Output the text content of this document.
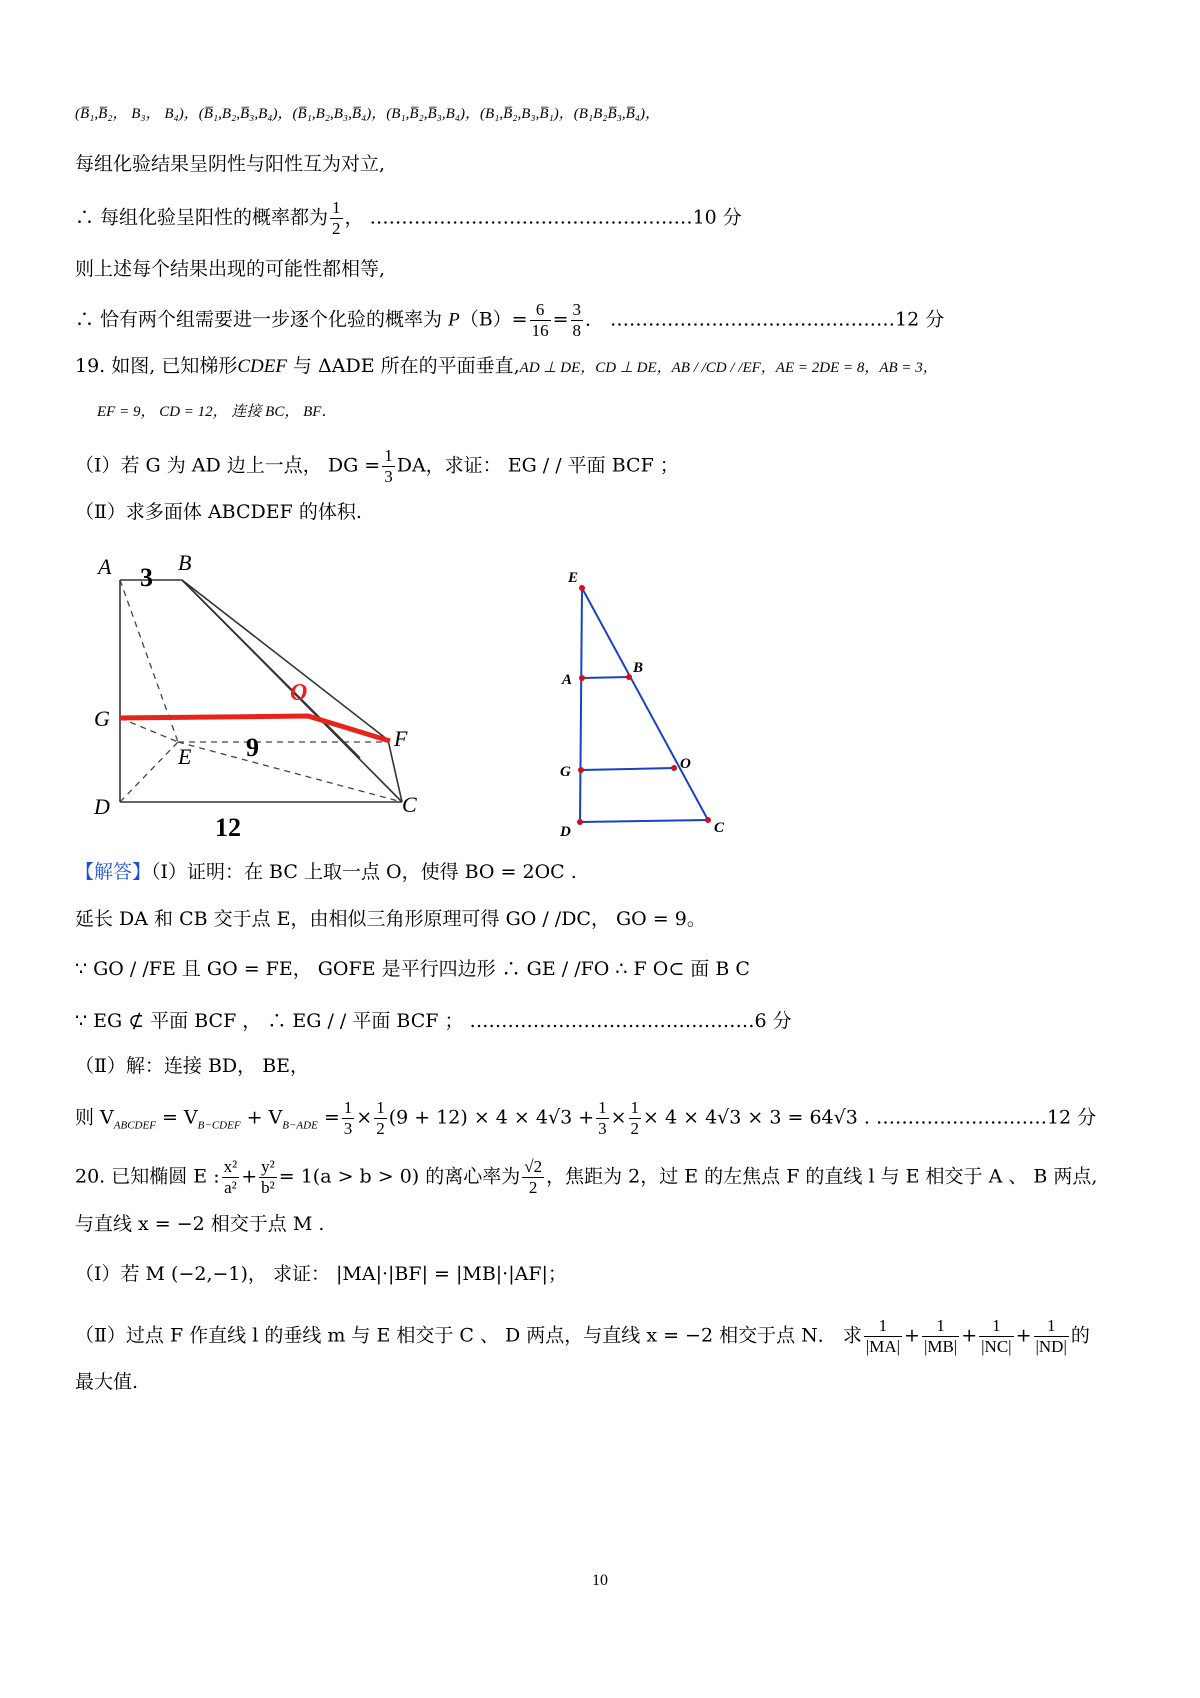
(B̅₁,B̅₂， B₃， B₄)，(B̅₁,B₂,B̅₃,B₄)，(B̅₁,B₂,B₃,B̅₄)，(B₁,B̅₂,B̅₃,B₄)，(B₁,B̅₂,B₃,B̅₁)，(B₁B₂B̅₃,B̅₄)，
每组化验结果呈阴性与阳性互为对立,
∴ 每组化验呈阳性的概率都为 $\frac{1}{2}$ ， ……………………………………………10 分
则上述每个结果出现的可能性都相等,
∴ 恰有两个组需要进一步逐个化验的概率为 $P(B)= \frac{6}{16} = \frac{3}{8}$ ． ………………………………………12 分
19. 如图, 已知梯形CDEF 与 ΔADE 所在的平面垂直,AD ⊥ DE，CD ⊥ DE，AB / /CD / /EF，AE = 2DE = 8，AB = 3，
EF = 9， CD = 12， 连接 BC， BF．
（Ⅰ）若 G 为 AD 边上一点， DG = $\frac{1}{3}$ DA，求证： EG / / 平面 BCF ；
（Ⅱ）求多面体 ABCDEF 的体积.
A	B
3
G
O
E 9	F
D	C
12
E
A
B
G	O
D	C
【解答】（Ⅰ）证明：在 BC 上取一点 O，使得 BO = 2OC .
延长 DA 和 CB 交于点 E，由相似三角形原理可得 GO / /DC， GO = 9。
∵ GO / /FE 且 GO = FE， GOFE 是平行四边形 ∴ GE / /FO ∴ F O⊂ 面 B C
∵ EG ⊄ 平面 BCF ， ∴ EG / / 平面 BCF ； ………………………………………6 分
（Ⅱ）解：连接 BD， BE，
则 $V_{ABCDEF} = V_{B-CDEF} + V_{B-ADE} = \frac{1}{3} \times \frac{1}{2} (9 + 12) \times 4 \times 4√3 + \frac{1}{3} \times \frac{1}{2} \times 4 \times 4√3 \times 3 = 64√3$ . ………………………12 分
20. 已知椭圆 E : $\frac{\text{x²}}{\text{a²}} + \frac{\text{y²}}{\text{b²}} = 1(a > b > 0)$ 的离心率为 $\frac{√2}{2}$ ，焦距为 2，过 E 的左焦点 F 的直线 l 与 E 相交于 A 、 B 两点,
与直线 x = −2 相交于点 M .
（Ⅰ）若 M (−2,−1)， 求证： |MA|·|BF| = |MB|·|AF|；
（Ⅱ）过点 F 作直线 l 的垂线 m 与 E 相交于 C 、 D 两点，与直线 x = −2 相交于点 N． 求 $\frac{1}{|MA|} + \frac{1}{|MB|} + \frac{1}{|NC|} + \frac{1}{|ND|}$ 的
最大值.
10
